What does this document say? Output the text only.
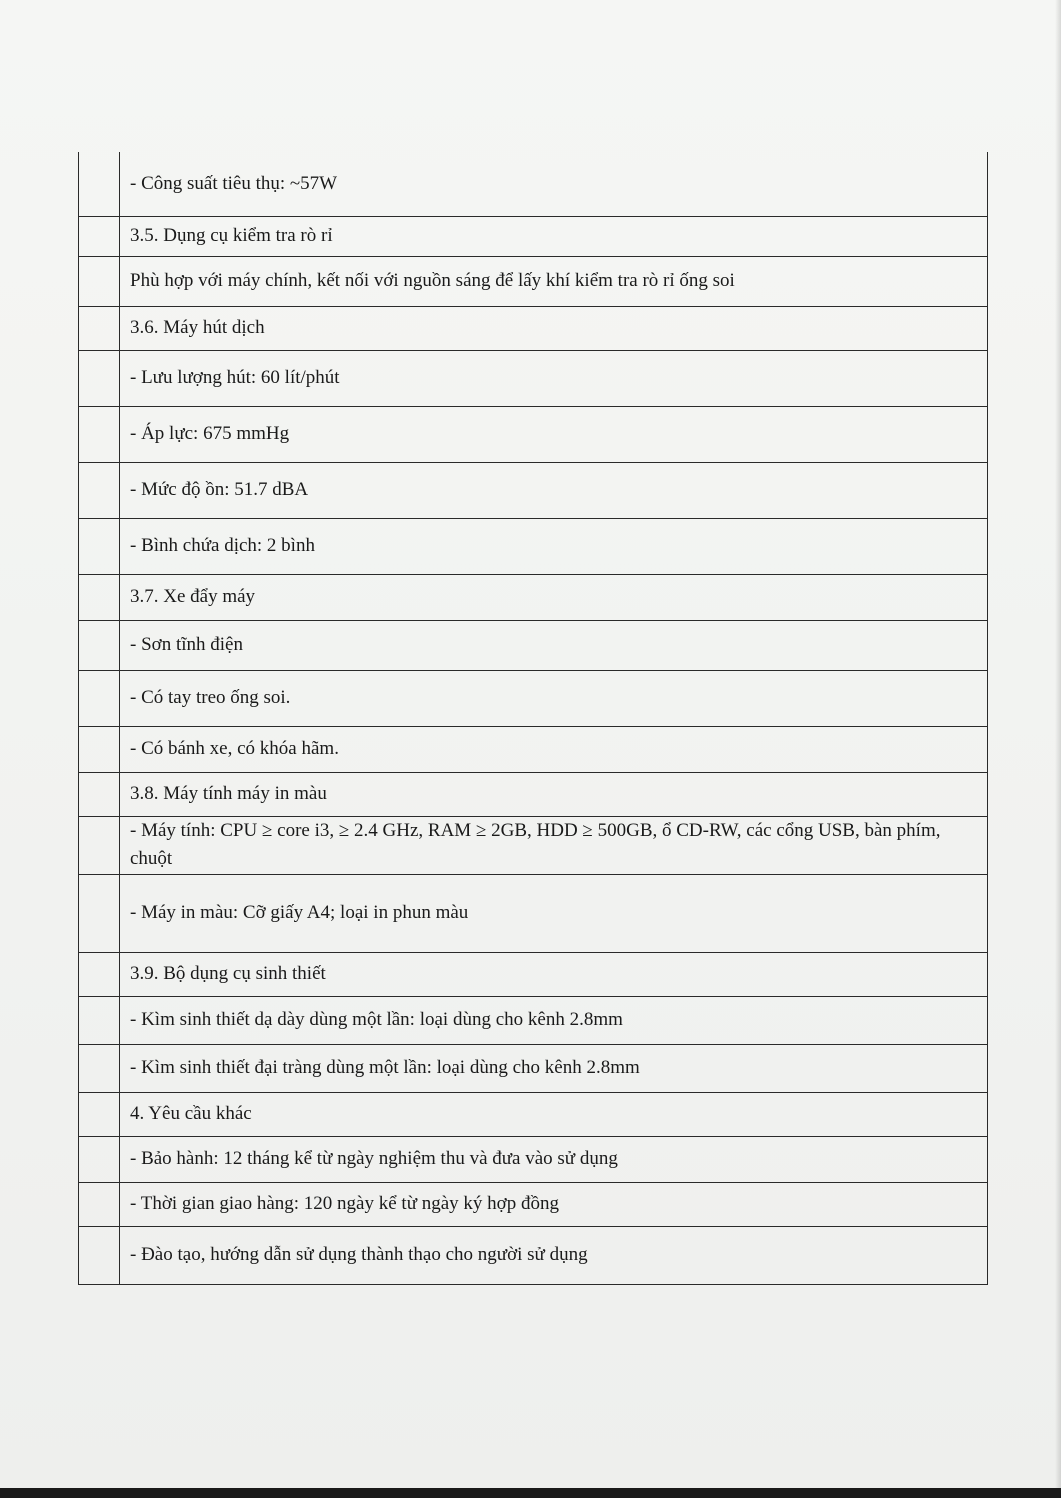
	- Công suất tiêu thụ: ~57W
	3.5. Dụng cụ kiểm tra rò rỉ
	Phù hợp với máy chính, kết nối với nguồn sáng để lấy khí kiểm tra rò rỉ ống soi
	3.6. Máy hút dịch
	- Lưu lượng hút: 60 lít/phút
	- Áp lực: 675 mmHg
	- Mức độ ồn: 51.7 dBA
	- Bình chứa dịch: 2 bình
	3.7. Xe đẩy máy
	- Sơn tĩnh điện
	- Có tay treo ống soi.
	- Có bánh xe, có khóa hãm.
	3.8. Máy tính máy in màu
	- Máy tính: CPU ≥ core i3, ≥ 2.4 GHz, RAM ≥ 2GB, HDD ≥ 500GB, ổ CD-RW, các cổng USB, bàn phím, chuột
	- Máy in màu: Cỡ giấy A4; loại in phun màu
	3.9. Bộ dụng cụ sinh thiết
	- Kìm sinh thiết dạ dày dùng một lần: loại dùng cho kênh 2.8mm
	- Kìm sinh thiết đại tràng dùng một lần: loại dùng cho kênh 2.8mm
	4. Yêu cầu khác
	- Bảo hành: 12 tháng kể từ ngày nghiệm thu và đưa vào sử dụng
	- Thời gian giao hàng: 120 ngày kể từ ngày ký hợp đồng
	- Đào tạo, hướng dẫn sử dụng thành thạo cho người sử dụng
